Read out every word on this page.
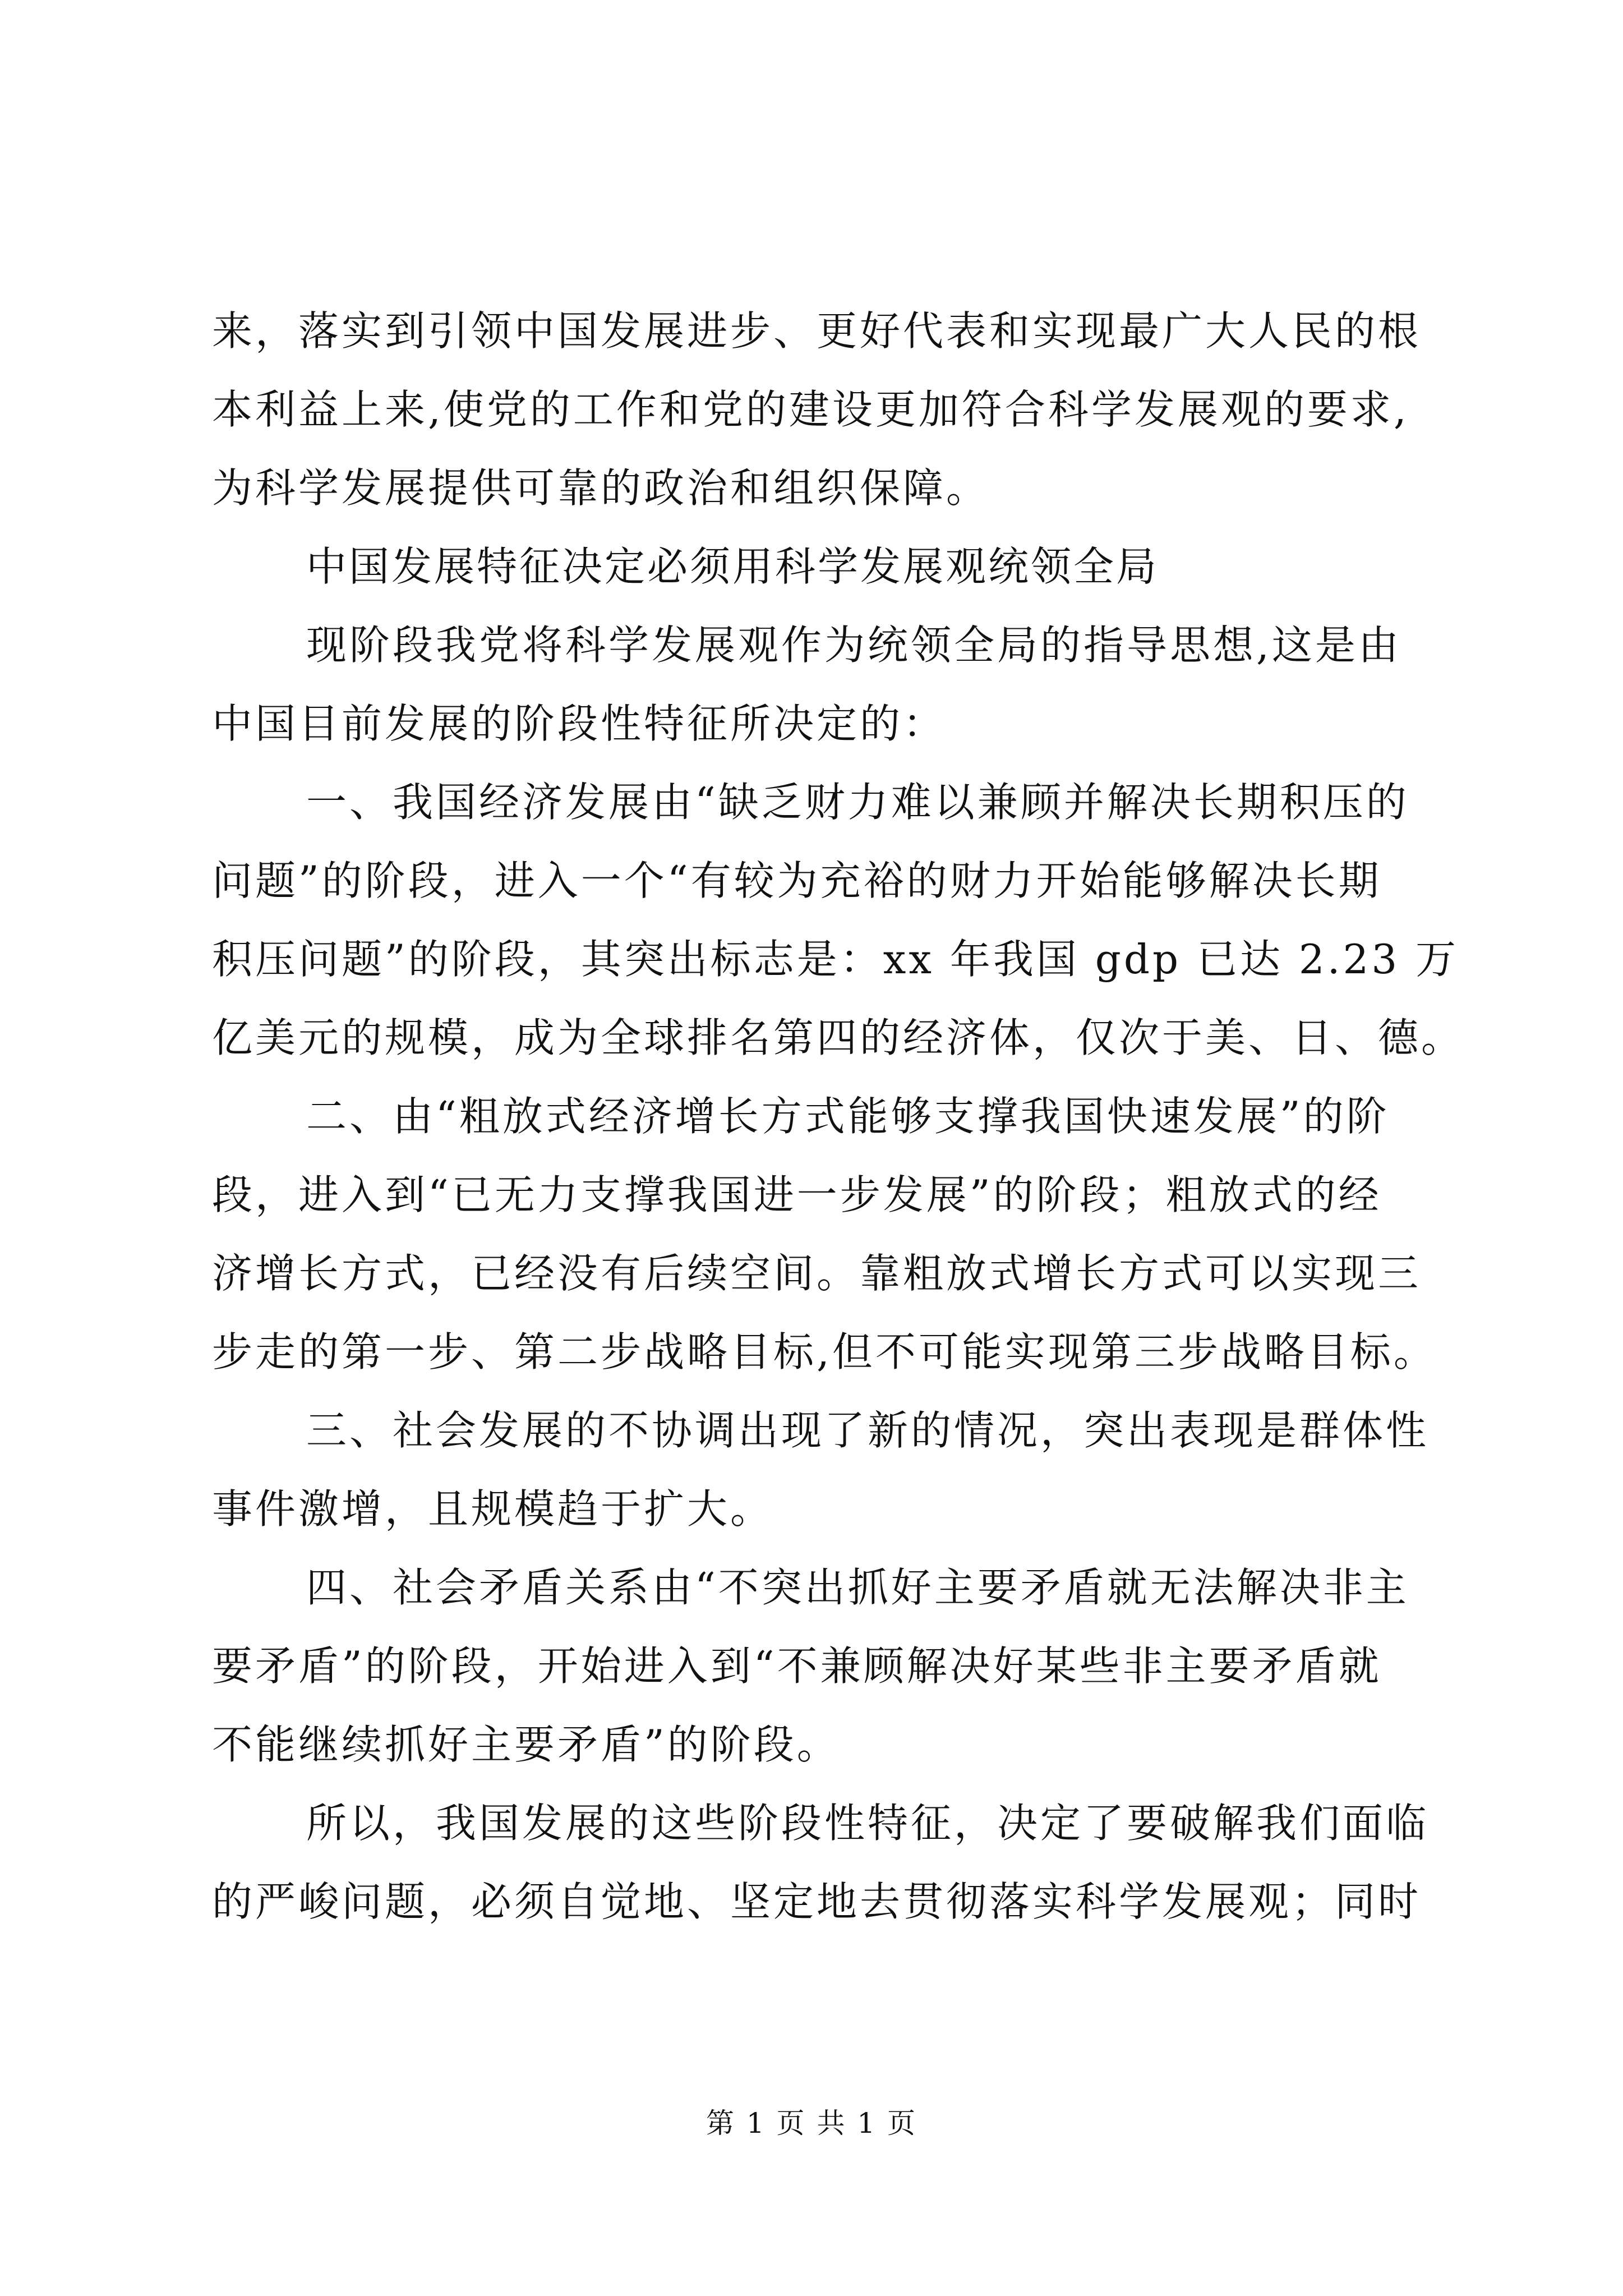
来，落实到引领中国发展进步、更好代表和实现最广大人民的根
本利益上来,使党的工作和党的建设更加符合科学发展观的要求,
为科学发展提供可靠的政治和组织保障。
中国发展特征决定必须用科学发展观统领全局
现阶段我党将科学发展观作为统领全局的指导思想,这是由
中国目前发展的阶段性特征所决定的：
一、我国经济发展由“缺乏财力难以兼顾并解决长期积压的
问题”的阶段，进入一个“有较为充裕的财力开始能够解决长期
积压问题”的阶段，其突出标志是：xx 年我国 gdp 已达 2.23 万
亿美元的规模，成为全球排名第四的经济体，仅次于美、日、德。
二、由“粗放式经济增长方式能够支撑我国快速发展”的阶
段，进入到“已无力支撑我国进一步发展”的阶段；粗放式的经
济增长方式，已经没有后续空间。靠粗放式增长方式可以实现三
步走的第一步、第二步战略目标,但不可能实现第三步战略目标。
三、社会发展的不协调出现了新的情况，突出表现是群体性
事件激增，且规模趋于扩大。
四、社会矛盾关系由“不突出抓好主要矛盾就无法解决非主
要矛盾”的阶段，开始进入到“不兼顾解决好某些非主要矛盾就
不能继续抓好主要矛盾”的阶段。
所以，我国发展的这些阶段性特征，决定了要破解我们面临
的严峻问题，必须自觉地、坚定地去贯彻落实科学发展观；同时
第 1 页 共 1 页
